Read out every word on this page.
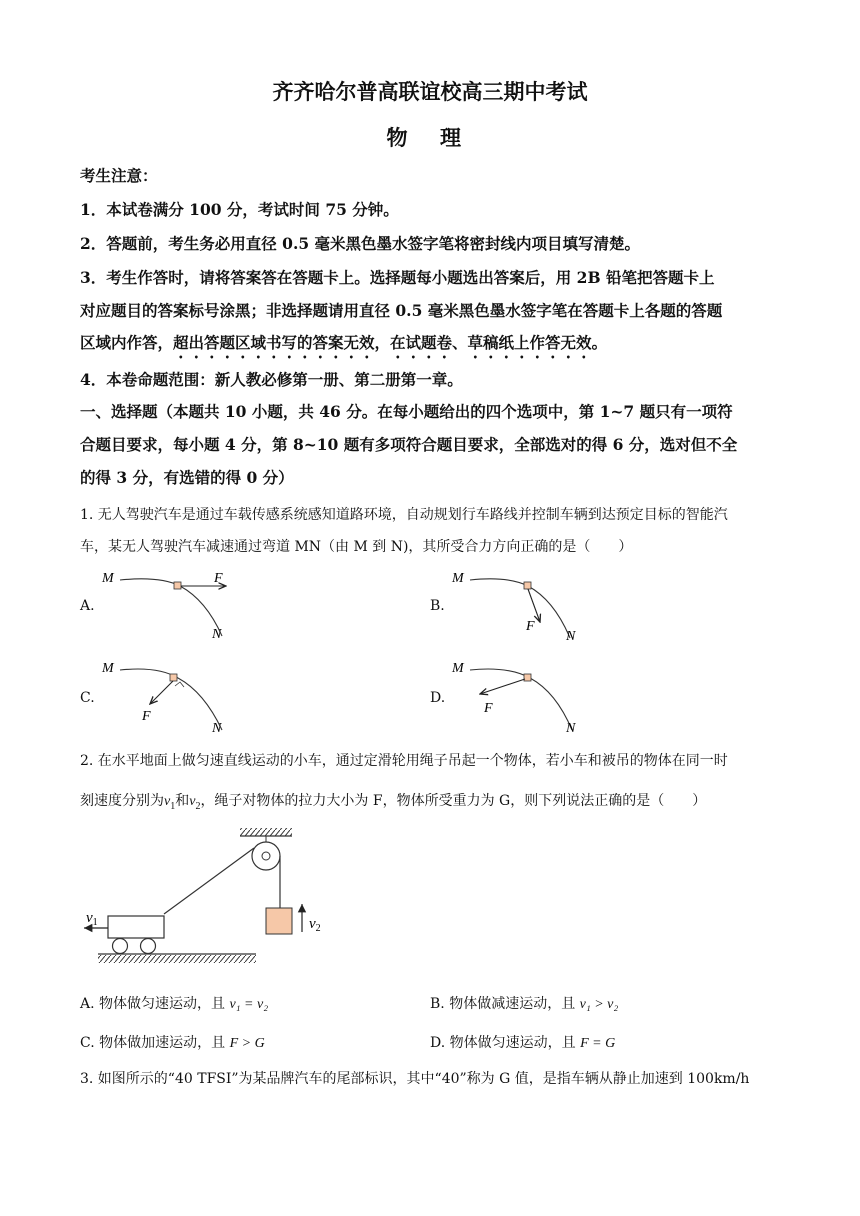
齐齐哈尔普高联谊校高三期中考试
物 理
考生注意：
1．本试卷满分 100 分，考试时间 75 分钟。
2．答题前，考生务必用直径 0.5 毫米黑色墨水签字笔将密封线内项目填写清楚。
3．考生作答时，请将答案答在答题卡上。选择题每小题选出答案后，用 2B 铅笔把答题卡上
对应题目的答案标号涂黑；非选择题请用直径 0.5 毫米黑色墨水签字笔在答题卡上各题的答题
区域内作答，超出答题区域书写的答案无效，在试题卷、草稿纸上作答无效。
4．本卷命题范围：新人教必修第一册、第二册第一章。
一、选择题（本题共 10 小题，共 46 分。在每小题给出的四个选项中，第 1~7 题只有一项符
合题目要求，每小题 4 分，第 8~10 题有多项符合题目要求，全部选对的得 6 分，选对但不全
的得 3 分，有选错的得 0 分）
1. 无人驾驶汽车是通过车载传感系统感知道路环境，自动规划行车路线并控制车辆到达预定目标的智能汽
车，某无人驾驶汽车减速通过弯道 MN（由 M 到 N)，其所受合力方向正确的是（　　）
A.	B.
C.	D.
M	F
N
M
F
N
M
F
N
M
F
N
2. 在水平地面上做匀速直线运动的小车，通过定滑轮用绳子吊起一个物体，若小车和被吊的物体在同一时
刻速度分别为$v_1$和$v_2$，绳子对物体的拉力大小为 F，物体所受重力为 G，则下列说法正确的是（　　）
$v_2$
$v_1$
A. 物体做匀速运动，且 v₁ = v₂	B. 物体做减速运动，且 v₁ > v₂
C. 物体做加速运动，且 F > G	D. 物体做匀速运动，且 F = G
3. 如图所示的“40 TFSI”为某品牌汽车的尾部标识，其中“40”称为 G 值，是指车辆从静止加速到 100km/h
